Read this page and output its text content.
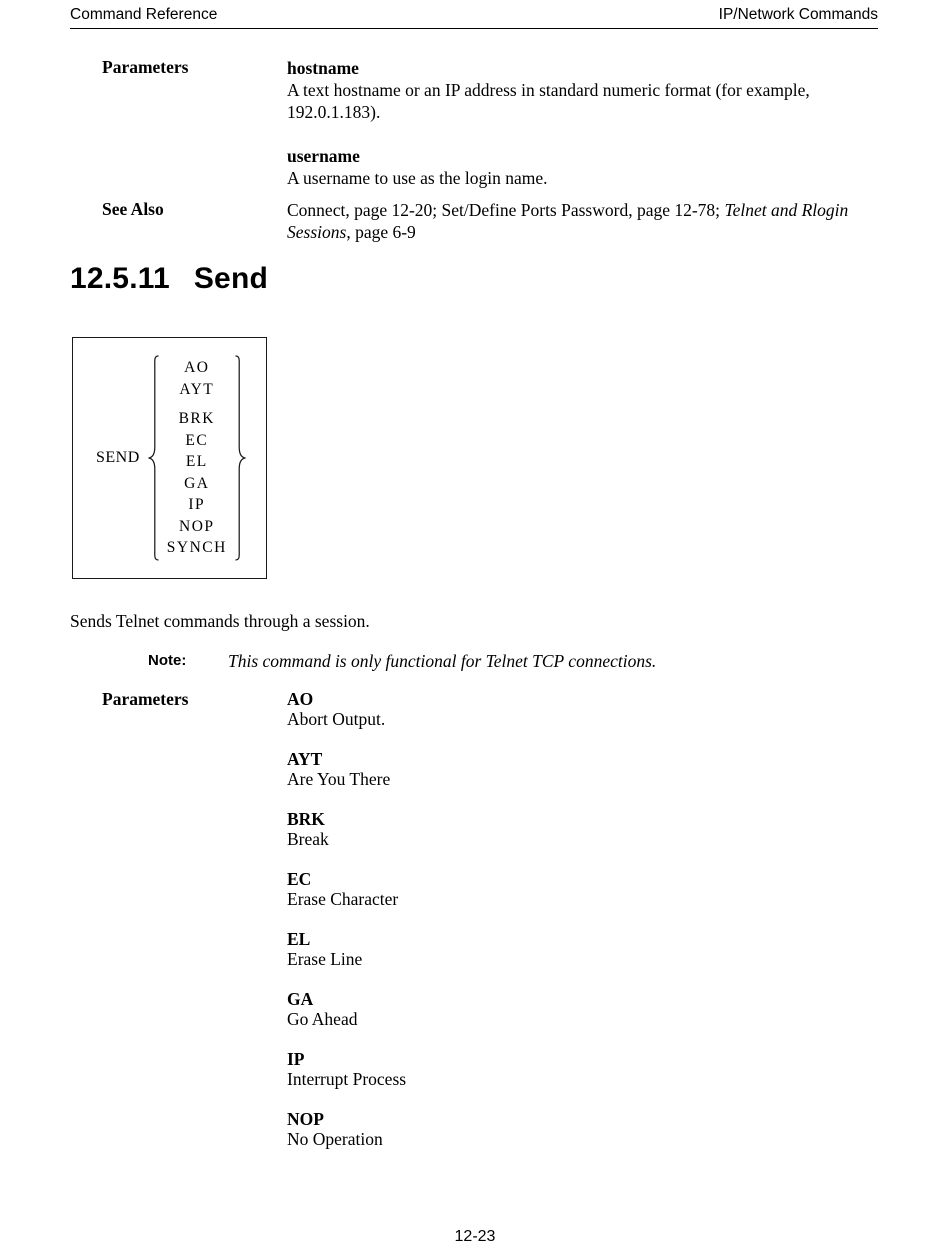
Command Reference	IP/Network Commands
Parameters	hostname
A text hostname or an IP address in standard numeric format (for example, 192.0.1.183).
username
A username to use as the login name.
See Also	Connect, page 12-20; Set/Define Ports Password, page 12-78; Telnet and Rlogin Sessions, page 6-9
12.5.11 Send
SEND
AO
AYT
BRK
EC
EL
GA
IP
NOP
SYNCH

Sends Telnet commands through a session.

Note:	This command is only functional for Telnet TCP connections.
Parameters	AO
Abort Output.
AYT
Are You There
BRK
Break
EC
Erase Character
EL
Erase Line
GA
Go Ahead
IP
Interrupt Process
NOP
No Operation
12-23
